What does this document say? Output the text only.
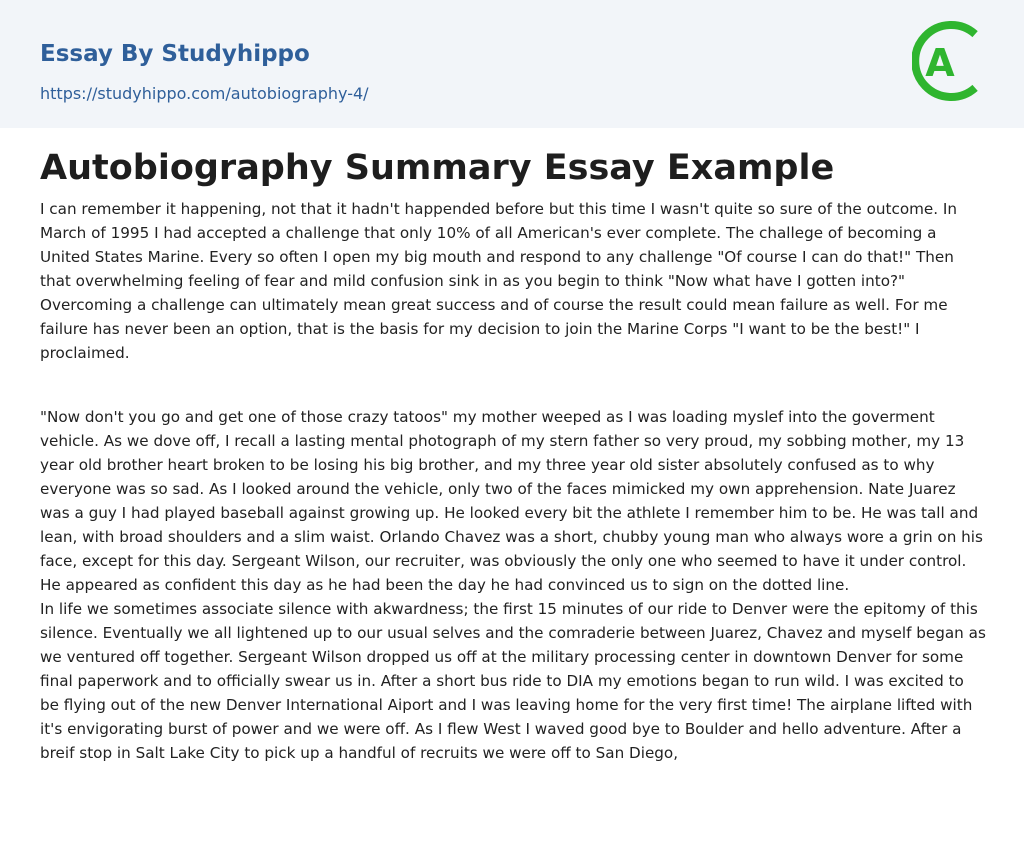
Essay By Studyhippo
https://studyhippo.com/autobiography-4/
A
Autobiography Summary Essay Example

I can remember it happening, not that it hadn't happended before but this time I wasn't quite so sure of the outcome. In March of 1995 I had accepted a challenge that only 10% of all American's ever complete. The challege of becoming a United States Marine. Every so often I open my big mouth and respond to any challenge "Of course I can do that!" Then that overwhelming feeling of fear and mild confusion sink in as you begin to think "Now what have I gotten into?" Overcoming a challenge can ultimately mean great success and of course the result could mean failure as well. For me failure has never been an option, that is the basis for my decision to join the Marine Corps "I want to be the best!" I proclaimed.

"Now don't you go and get one of those crazy tatoos" my mother weeped as I was loading myslef into the goverment vehicle. As we dove off, I recall a lasting mental photograph of my stern father so very proud, my sobbing mother, my 13 year old brother heart broken to be losing his big brother, and my three year old sister absolutely confused as to why everyone was so sad. As I looked around the vehicle, only two of the faces mimicked my own apprehension. Nate Juarez was a guy I had played baseball against growing up. He looked every bit the athlete I remember him to be. He was tall and lean, with broad shoulders and a slim waist. Orlando Chavez was a short, chubby young man who always wore a grin on his face, except for this day. Sergeant Wilson, our recruiter, was obviously the only one who seemed to have it under control. He appeared as confident this day as he had been the day he had convinced us to sign on the dotted line.

In life we sometimes associate silence with akwardness; the first 15 minutes of our ride to Denver were the epitomy of this silence. Eventually we all lightened up to our usual selves and the comraderie between Juarez, Chavez and myself began as we ventured off together. Sergeant Wilson dropped us off at the military processing center in downtown Denver for some final paperwork and to officially swear us in. After a short bus ride to DIA my emotions began to run wild. I was excited to be flying out of the new Denver International Aiport and I was leaving home for the very first time! The airplane lifted with it's envigorating burst of power and we were off. As I flew West I waved good bye to Boulder and hello adventure. After a breif stop in Salt Lake City to pick up a handful of recruits we were off to San Diego,
